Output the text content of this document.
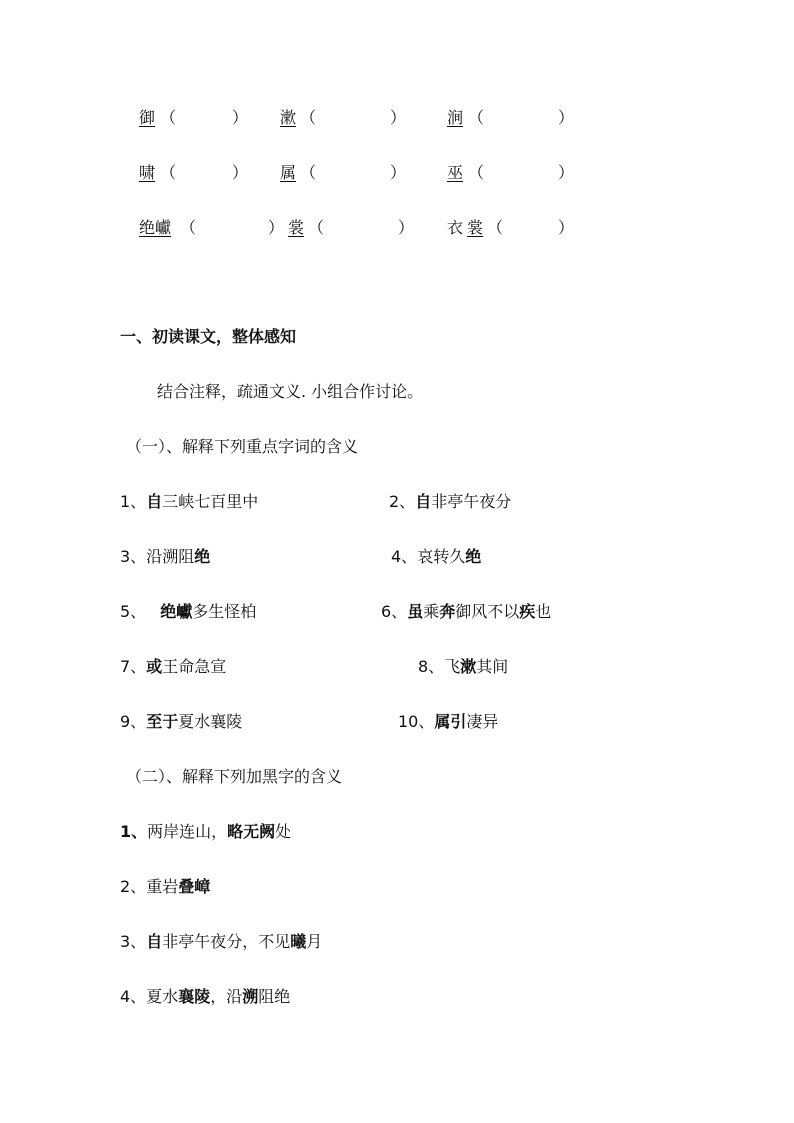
御 （	）	漱 （	）	涧 （	）
啸 （	） 属 （	）	巫 （	）
绝巘 （	） 裳 （	） 衣 裳 （	）
一、初读课文，整体感知
结合注释，疏通文义. 小组合作讨论。
（一）、解释下列重点字词的含义
1、自三峡七百里中	2、自非亭午夜分
3、沿溯阻绝	4、哀转久绝
5、 绝巘多生怪柏	6、虽乘奔御风不以疾也
7、或王命急宣	8、飞漱其间
9、至于夏水襄陵	10、属引凄异
（二）、解释下列加黑字的含义
1、两岸连山，略无阙处
2、重岩叠嶂
3、自非亭午夜分，不见曦月
4、夏水襄陵，沿溯阻绝
